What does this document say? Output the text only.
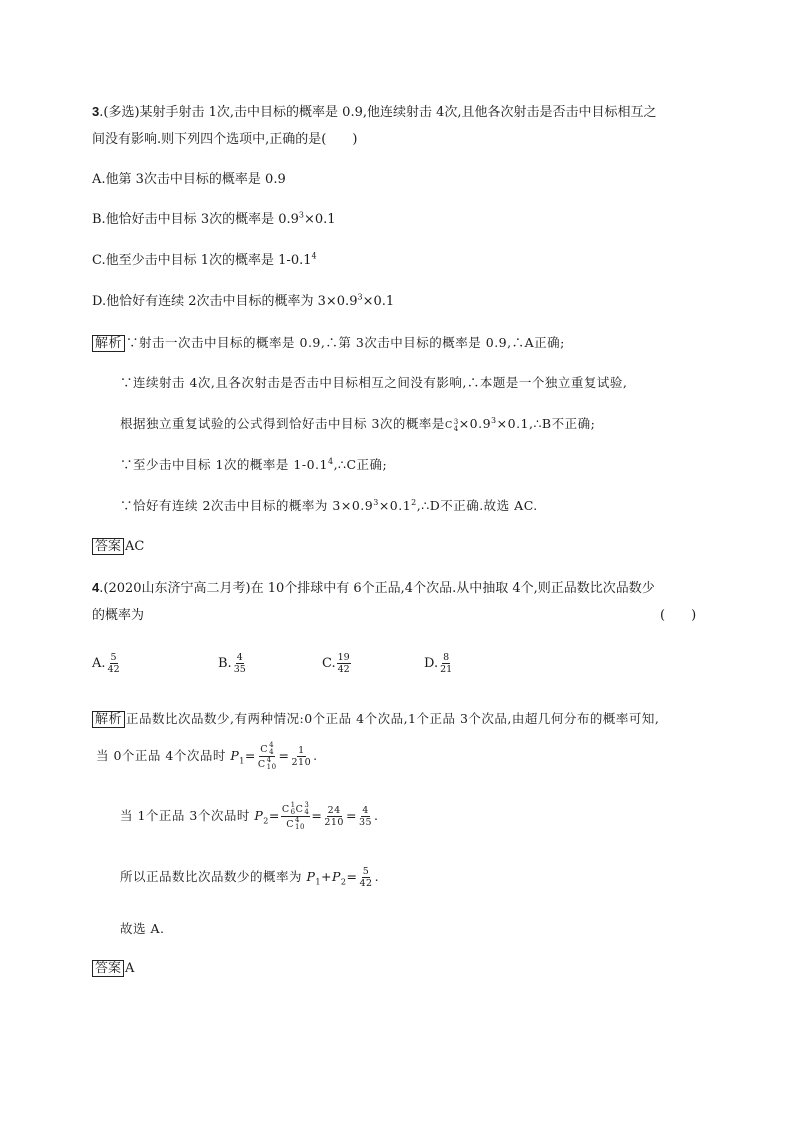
3.(多选)某射手射击 1次,击中目标的概率是 0.9,他连续射击 4次,且他各次射击是否击中目标相互之
间没有影响.则下列四个选项中,正确的是(　　)
A.他第 3次击中目标的概率是 0.9
B.他恰好击中目标 3次的概率是 $0.9^3\times 0.1$
C.他至少击中目标 1次的概率是 $1-0.1^4$
D.他恰好有连续 2次击中目标的概率为 $3\times 0.9^3\times 0.1$
解析 ∵射击一次击中目标的概率是 0.9,∴第 3次击中目标的概率是 0.9,∴A正确;
∵连续射击 4次,且各次射击是否击中目标相互之间没有影响,∴本题是一个独立重复试验,
根据独立重复试验的公式得到恰好击中目标 3次的概率是 C 3
$4 \times 0.9^3\times 0.1,\therefore B$不正确;
∵至少击中目标 1次的概率是 $1-0.1^4,\therefore C$正确;
∵恰好有连续 2次击中目标的概率为 $3\times 0.9^3\times 0.1^2,\therefore D$不正确.故选 AC.
答案 AC
4.(2020山东济宁高二月考)在 10个排球中有 6个正品,4个次品.从中抽取 4个,则正品数比次品数少
的概率为	(　　)
A. $\frac{5}{42}$	B. $\frac{4}{35}$	C. $\frac{19}{42}$	D. $\frac{8}{21}$
解析 正品数比次品数少,有两种情况:0个正品 4个次品,1个正品 3个次品,由超几何分布的概率可知,
当 0个正品 4个次品时 $P_1= C$ 4
4
C 4
$10 = \frac{1}{210}$ .
当 1个正品 3个次品时 $P_2= C$ 1
6 C 3
4
C 4
$10 = \frac{24}{210} = \frac{4}{35}$ .
所以正品数比次品数少的概率为 $P_1+P_2= \frac{5}{42}$ .
故选 A.
答案 A
